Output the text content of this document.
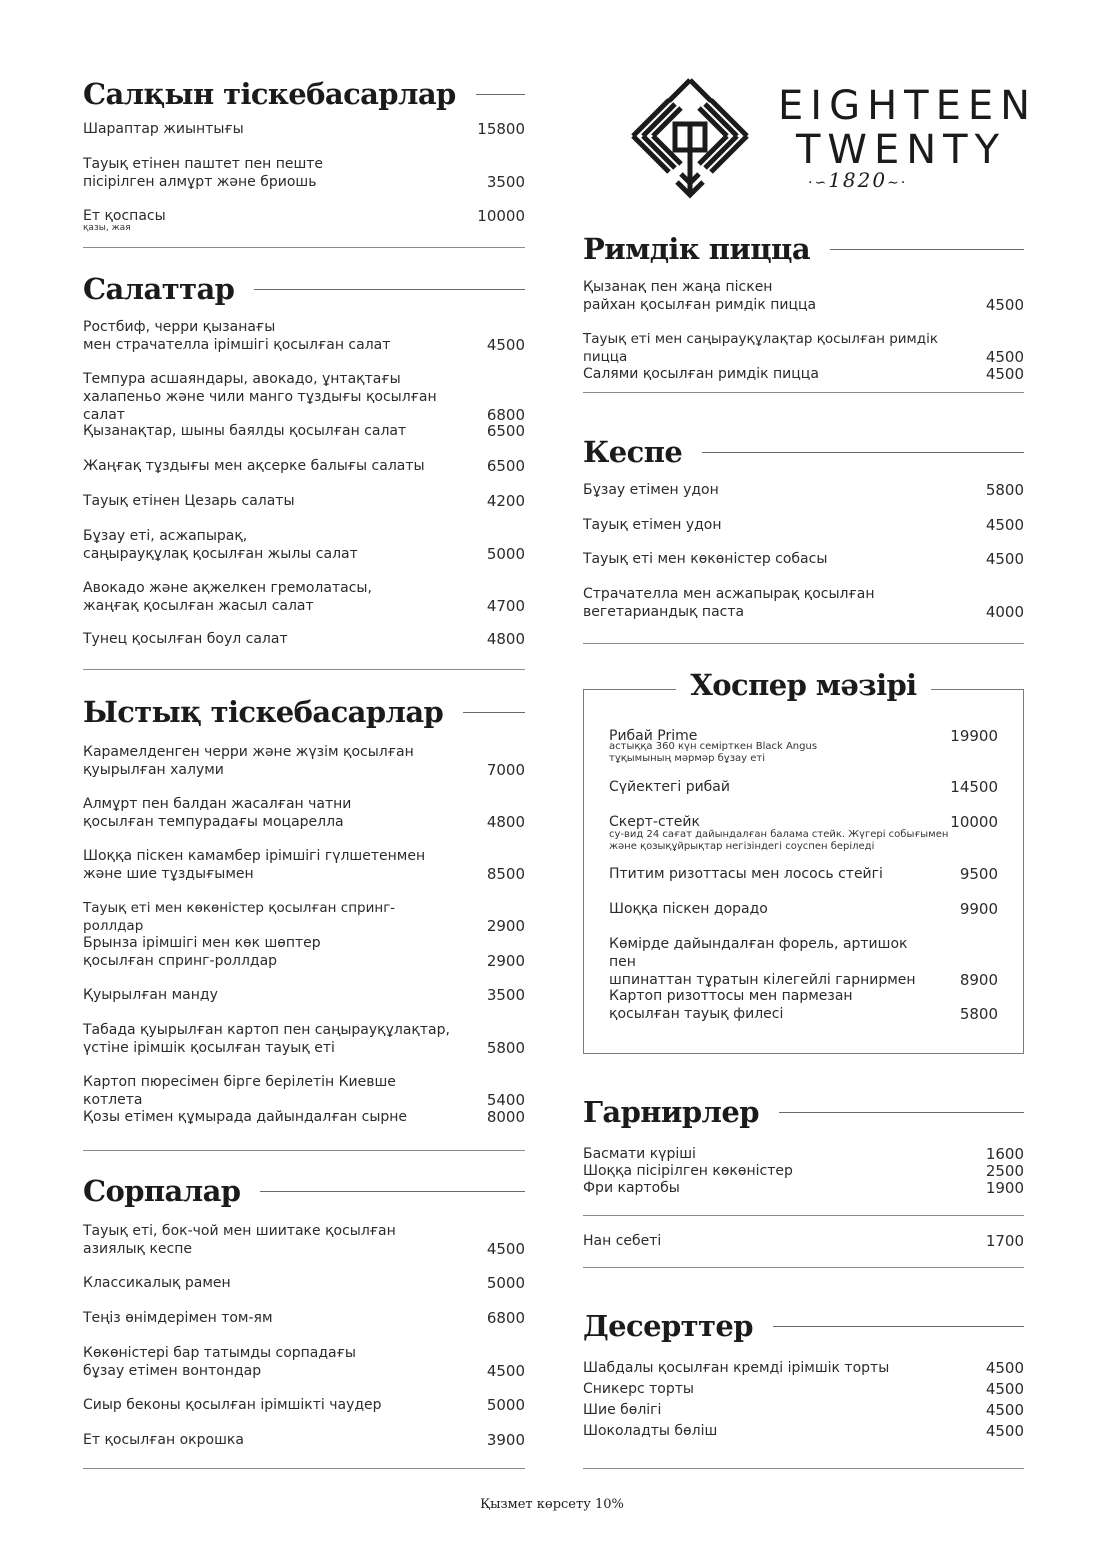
Салқын тіскебасарлар
Шараптар жиынтығы	15800
Тауық етінен паштет пен пеште
пісірілген алмұрт және бриошь	3500
Ет қоспасы
қазы, жая
10000
Салаттар
Ростбиф, черри қызанағы
мен страчателла ірімшігі қосылған салат	4500
Темпура асшаяндары, авокадо, ұнтақтағы
халапеньо және чили манго тұздығы қосылған салат	6800
Қызанақтар, шыны баялды қосылған салат	6500
Жаңғақ тұздығы мен ақсерке балығы салаты	6500
Тауық етінен Цезарь салаты	4200
Бұзау еті, асжапырақ,
саңырауқұлақ қосылған жылы салат	5000
Авокадо және ақжелкен гремолатасы,
жаңғақ қосылған жасыл салат	4700
Тунец қосылған боул салат	4800
Ыстық тіскебасарлар
Карамелденген черри және жүзім қосылған
қуырылған халуми	7000
Алмұрт пен балдан жасалған чатни
қосылған темпурадағы моцарелла	4800
Шоққа піскен камамбер ірімшігі гүлшетенмен
және шие тұздығымен	8500
Тауық еті мен көкөністер қосылған спринг-роллдар	2900
Брынза ірімшігі мен көк шөптер
қосылған спринг-роллдар	2900
Қуырылған манду	3500
Табада қуырылған картоп пен саңырауқұлақтар,
үстіне ірімшік қосылған тауық еті	5800
Картоп пюресімен бірге берілетін Киевше котлета	5400
Қозы етімен құмырада дайындалған сырне	8000
Сорпалар
Тауық еті, бок-чой мен шиитаке қосылған
азиялық кеспе	4500
Классикалық рамен	5000
Теңіз өнімдерімен том-ям	6800
Көкөністері бар татымды сорпадағы
бұзау етімен вонтондар	4500
Сиыр беконы қосылған ірімшікті чаудер	5000
Ет қосылған окрошка	3900
EIGHTEEN
TWENTY
·∽1820∼·
Римдік пицца
Қызанақ пен жаңа піскен
райхан қосылған римдік пицца	4500
Тауық еті мен саңырауқұлақтар қосылған римдік пицца	4500
Салями қосылған римдік пицца	4500
Кеспе
Бұзау етімен удон	5800
Тауық етімен удон	4500
Тауық еті мен көкөністер собасы	4500
Страчателла мен асжапырақ қосылған
вегетариандық паста	4000
Хоспер мәзірі
Рибай Prime
астыққа 360 күн семірткен Black Angus
тұқымының мәрмәр бұзау еті
19900
Сүйектегі рибай	14500
Скерт-стейк
су-вид 24 сағат дайындалған балама стейк. Жүгері собығымен
және қозықұйрықтар негізіндегі соуспен беріледі
10000
Птитим ризоттасы мен лосось стейгі	9500
Шоққа піскен дорадо	9900
Көмірде дайындалған форель, артишок пен
шпинаттан тұратын кілегейлі гарнирмен	8900
Картоп ризоттосы мен пармезан
қосылған тауық филесі	5800
Гарнирлер
Басмати күріші	1600
Шоққа пісірілген көкөністер	2500
Фри картобы	1900
Нан себеті	1700
Десерттер
Шабдалы қосылған кремді ірімшік торты	4500
Сникерс торты	4500
Шие бөлігі	4500
Шоколадты бөліш	4500
Қызмет көрсету 10%
